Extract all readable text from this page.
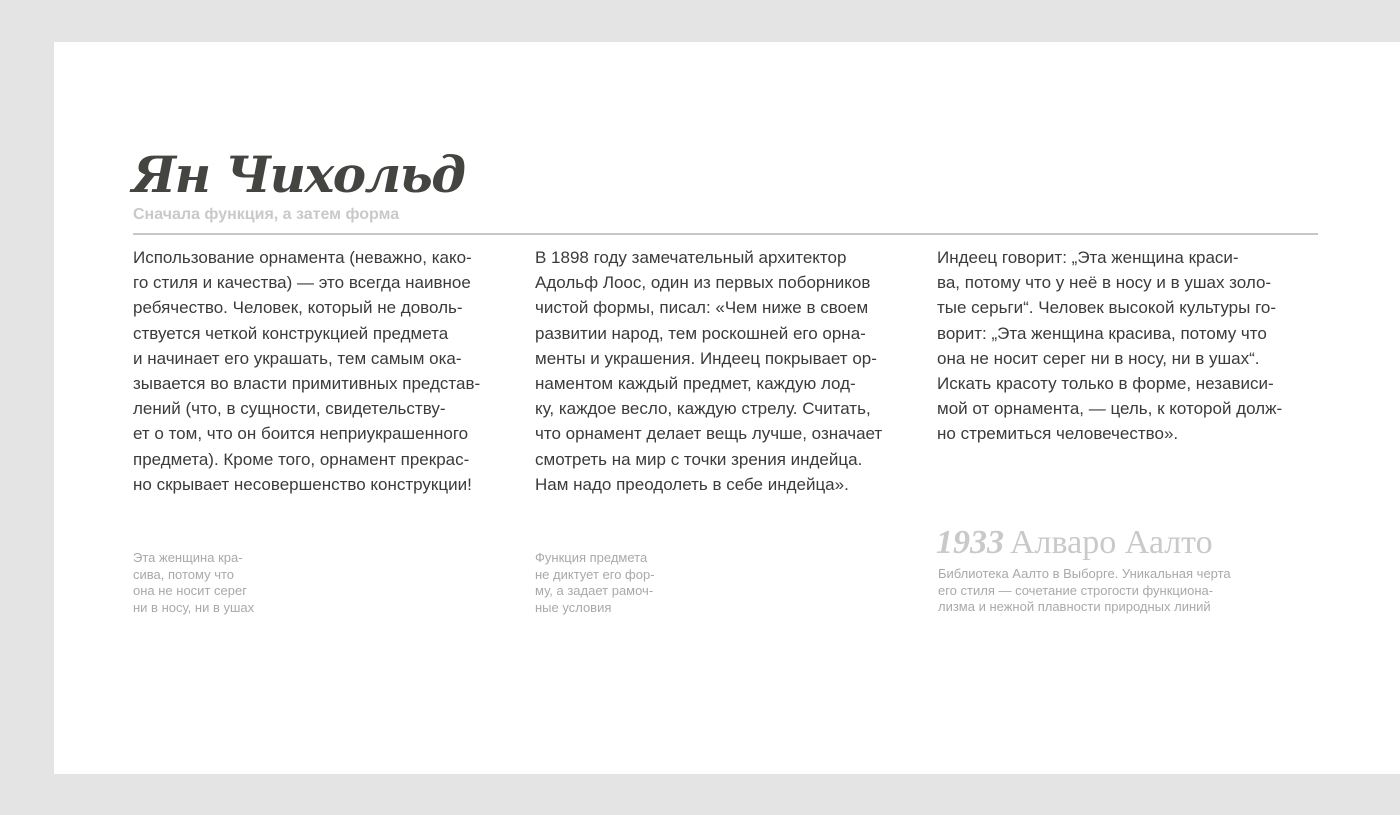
Ян Чихольд
Сначала функция, а затем форма
Использование орнамента (неважно, како-
го стиля и качества) — это всегда наивное
ребячество. Человек, который не доволь-
ствуется четкой конструкцией предмета
и начинает его украшать, тем самым ока-
зывается во власти примитивных представ-
лений (что, в сущности, свидетельству-
ет о том, что он боится неприукрашенного
предмета). Кроме того, орнамент прекрас-
но скрывает несовершенство конструкции!
В 1898 году замечательный архитектор
Адольф Лоос, один из первых поборников
чистой формы, писал: «Чем ниже в своем
развитии народ, тем роскошней его орна-
менты и украшения. Индеец покрывает ор-
наментом каждый предмет, каждую лод-
ку, каждое весло, каждую стрелу. Считать,
что орнамент делает вещь лучше, означает
смотреть на мир с точки зрения индейца.
Нам надо преодолеть в себе индейца».
Индеец говорит: „Эта женщина краси-
ва, потому что у неё в носу и в ушах золо-
тые серьги“. Человек высокой культуры го-
ворит: „Эта женщина красива, потому что
она не носит серег ни в носу, ни в ушах“.
Искать красоту только в форме, независи-
мой от орнамента, — цель, к которой долж-
но стремиться человечество».
Эта женщина кра-
сива, потому что
она не носит серег
ни в носу, ни в ушах
Функция предмета
не диктует его фор-
му, а задает рамоч-
ные условия
1933 Алваро Аалто
Библиотека Аалто в Выборге. Уникальная черта
его стиля — сочетание строгости функциона-
лизма и нежной плавности природных линий
